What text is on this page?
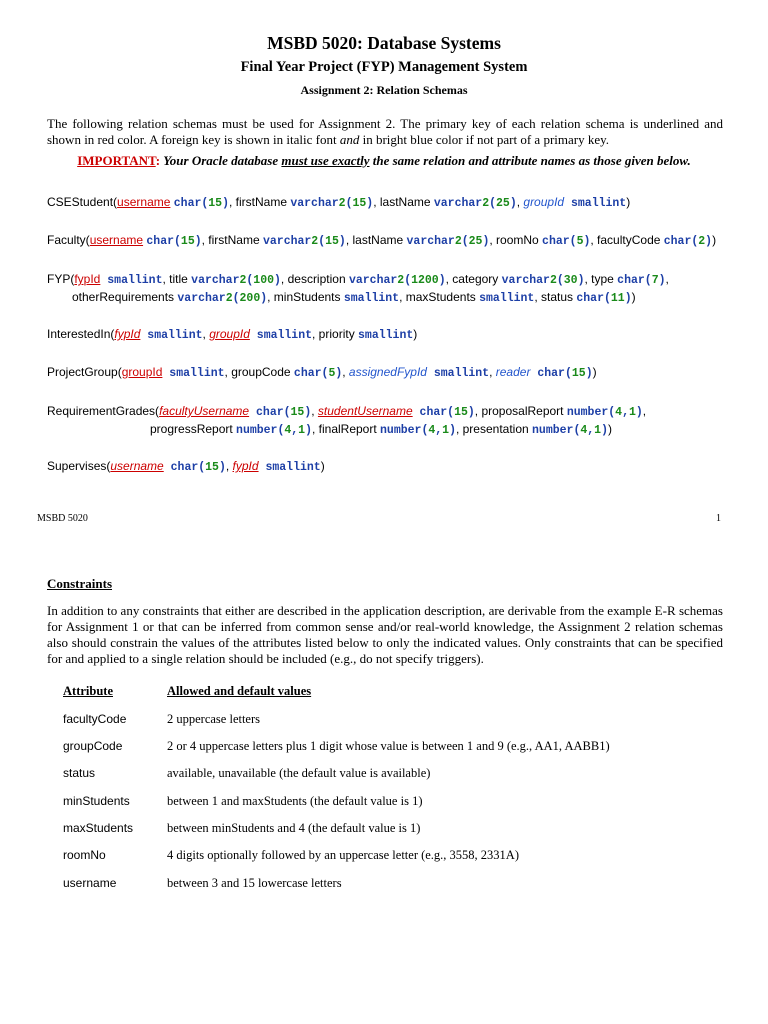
MSBD 5020: Database Systems
Final Year Project (FYP) Management System
Assignment 2: Relation Schemas
The following relation schemas must be used for Assignment 2. The primary key of each relation schema is underlined and shown in red color. A foreign key is shown in italic font and in bright blue color if not part of a primary key.
IMPORTANT: Your Oracle database must use exactly the same relation and attribute names as those given below.
CSEStudent(username char(15), firstName varchar2(15), lastName varchar2(25), groupId smallint)
Faculty(username char(15), firstName varchar2(15), lastName varchar2(25), roomNo char(5), facultyCode char(2))
FYP(fypId smallint, title varchar2(100), description varchar2(1200), category varchar2(30), type char(7),
otherRequirements varchar2(200), minStudents smallint, maxStudents smallint, status char(11))
InterestedIn(fypId smallint, groupId smallint, priority smallint)
ProjectGroup(groupId smallint, groupCode char(5), assignedFypId smallint, reader char(15))
RequirementGrades(facultyUsername char(15), studentUsername char(15), proposalReport number(4,1),
progressReport number(4,1), finalReport number(4,1), presentation number(4,1))
Supervises(username char(15), fypId smallint)
MSBD 5020	1
Constraints
In addition to any constraints that either are described in the application description, are derivable from the example E-R schemas for Assignment 1 or that can be inferred from common sense and/or real-world knowledge, the Assignment 2 relation schemas also should constrain the values of the attributes listed below to only the indicated values. Only constraints that can be specified for and applied to a single relation should be included (e.g., do not specify triggers).
Attribute	Allowed and default values
facultyCode	2 uppercase letters
groupCode	2 or 4 uppercase letters plus 1 digit whose value is between 1 and 9 (e.g., AA1, AABB1)
status	available, unavailable (the default value is available)
minStudents	between 1 and maxStudents (the default value is 1)
maxStudents	between minStudents and 4 (the default value is 1)
roomNo	4 digits optionally followed by an uppercase letter (e.g., 3558, 2331A)
username	between 3 and 15 lowercase letters
